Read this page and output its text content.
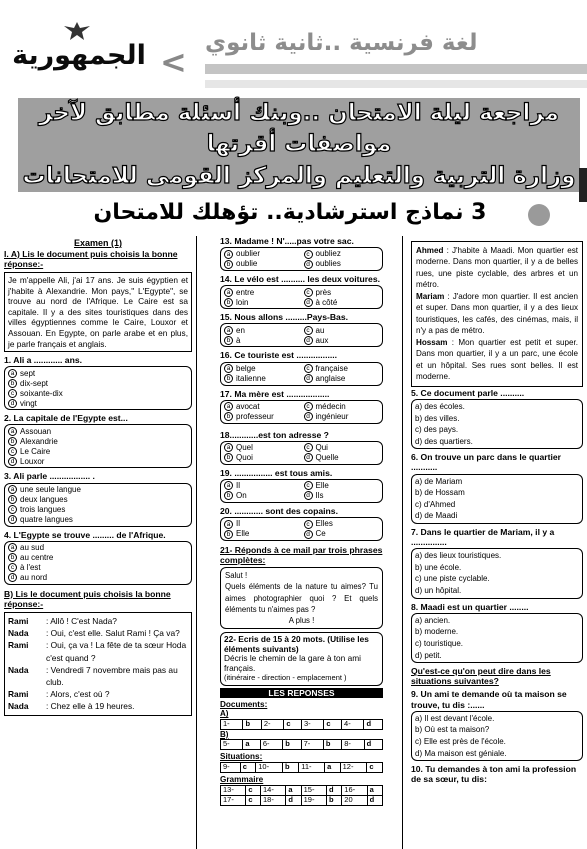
الجمهورية < لغة فرنسية ..ثانية ثانوي
مراجعة ليلة الامتحان ..وبنك أسئلة مطابق لآخر مواصفات أقرتها
وزارة التربية والتعليم والمركز القومى للامتحانات
3 نماذج استرشادية.. تؤهلك للامتحان
Examen (1)
I. A) Lis le document puis choisis la bonne réponse:-
Je m'appelle Ali, j'ai 17 ans. Je suis égyptien et j'habite à Alexandrie. Mon pays," L'Egypte", se trouve au nord de l'Afrique. Le Caire est sa capitale. Il y a des sites touristiques dans des villes égyptiennes comme le Caire, Louxor et Assouan. En Egypte, on parle arabe et en plus, je parle français et anglais.
1. Ali a ............ ans.
a sept
b dix-sept
c soixante-dix
d vingt
2. La capitale de l'Egypte est...
a Assouan
b Alexandrie
c Le Caire
d Louxor
3. Ali parle ................. .
a une seule langue
b deux langues
c trois langues
d quatre langues
4. L'Egypte se trouve ......... de l'Afrique.
a au sud
b au centre
c à l'est
d au nord
B) Lis le document puis choisis la bonne réponse:-
Rami	: Allô ! C'est Nada?
Nada	: Oui, c'est elle. Salut Rami ! Ça va?
Rami	: Oui, ça va ! La fête de ta sœur Hoda c'est quand ?
Nada	: Vendredi 7 novembre mais pas au club.
Rami	: Alors, c'est où ?
Nada	: Chez elle à 19 heures.
13. Madame ! N'.....pas votre sac.
a oublier	c oubliez
b oublie	d oublies
14. Le vélo est .......... les deux voitures.
a entre	c près
b loin	d à côté
15. Nous allons .........Pays-Bas.
a en	c au
b à	d aux
16. Ce touriste est .................
a belge	c française
b italienne	d anglaise
17. Ma mère est ..................
a avocat	c médecin
b professeur	d ingénieur
18............est ton adresse ?
a Quel	c Qui
b Quoi	d Quelle
19. ................ est tous amis.
a Il	c Elle
b On	d Ils
20. ............ sont des copains.
a Il	c Elles
b Elle	d Ce
21- Réponds à ce mail par trois phrases complètes:
Salut !
Quels éléments de la nature tu aimes? Tu aimes photographier quoi ? Et quels éléments tu n'aimes pas ?
A plus !
22- Ecris de 15 à 20 mots. (Utilise les éléments suivants)
Décris le chemin de la gare à ton ami français.
(itinéraire - direction - emplacement )
LES REPONSES
Documents:
A)
1-	b	2-	c	3-	c	4-	d
B)
5-	a	6-	b	7-	b	8-	d
Situations:
9-	c	10-	b	11-	a	12-	c
Grammaire
13-	c	14-	a	15-	d	16-	a
17-	c	18-	d	19-	b	20	d
Ahmed : J'habite à Maadi. Mon quartier est moderne. Dans mon quartier, il y a de belles rues, une piste cyclable, des arbres et un métro.
Mariam : J'adore mon quartier. Il est ancien et super. Dans mon quartier, il y a des lieux touristiques, les cafés, des cinémas, mais, il n'y a pas de métro.
Hossam : Mon quartier est petit et super. Dans mon quartier, il y a un parc, une école et un hôpital. Ses rues sont belles. Il est moderne.
5. Ce document parle ..........
a) des écoles.
b) des villes.
c) des pays.
d) des quartiers.
6. On trouve un parc dans le quartier ...........
a) de Mariam
b) de Hossam
c) d'Ahmed
d) de Maadi
7. Dans le quartier de Mariam, il y a ...............
a) des lieux touristiques.
b) une école.
c) une piste cyclable.
d) un hôpital.
8. Maadi est un quartier ........
a) ancien.
b) moderne.
c) touristique.
d) petit.
Qu'est-ce qu'on peut dire dans les situations suivantes?
9. Un ami te demande où ta maison se trouve, tu dis :......
a) Il est devant l'école.
b) Où est ta maison?
c) Elle est près de l'école.
d) Ma maison est géniale.
10. Tu demandes à ton ami la profession de sa sœur, tu dis:
